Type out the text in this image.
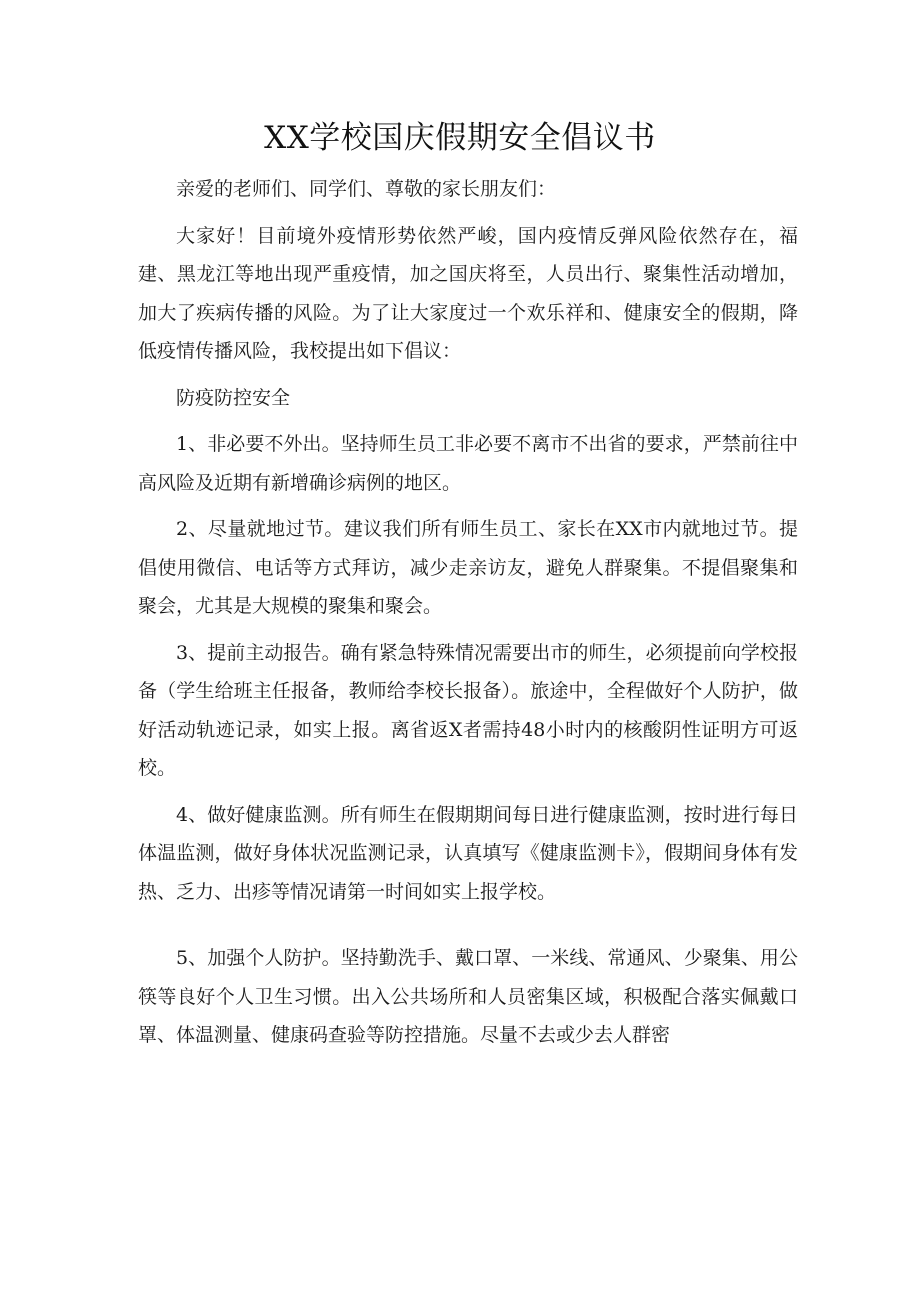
XX学校国庆假期安全倡议书

亲爱的老师们、同学们、尊敬的家长朋友们：

大家好！目前境外疫情形势依然严峻，国内疫情反弹风险依然存在，福建、黑龙江等地出现严重疫情，加之国庆将至，人员出行、聚集性活动增加，加大了疾病传播的风险。为了让大家度过一个欢乐祥和、健康安全的假期，降低疫情传播风险，我校提出如下倡议：

防疫防控安全

1、非必要不外出。坚持师生员工非必要不离市不出省的要求，严禁前往中高风险及近期有新增确诊病例的地区。

2、尽量就地过节。建议我们所有师生员工、家长在XX市内就地过节。提倡使用微信、电话等方式拜访，减少走亲访友，避免人群聚集。不提倡聚集和聚会，尤其是大规模的聚集和聚会。

3、提前主动报告。确有紧急特殊情况需要出市的师生，必须提前向学校报备（学生给班主任报备，教师给李校长报备）。旅途中，全程做好个人防护，做好活动轨迹记录，如实上报。离省返X者需持48小时内的核酸阴性证明方可返校。

4、做好健康监测。所有师生在假期期间每日进行健康监测，按时进行每日体温监测，做好身体状况监测记录，认真填写《健康监测卡》，假期间身体有发热、乏力、出疹等情况请第一时间如实上报学校。

5、加强个人防护。坚持勤洗手、戴口罩、一米线、常通风、少聚集、用公筷等良好个人卫生习惯。出入公共场所和人员密集区域，积极配合落实佩戴口罩、体温测量、健康码查验等防控措施。尽量不去或少去人群密
